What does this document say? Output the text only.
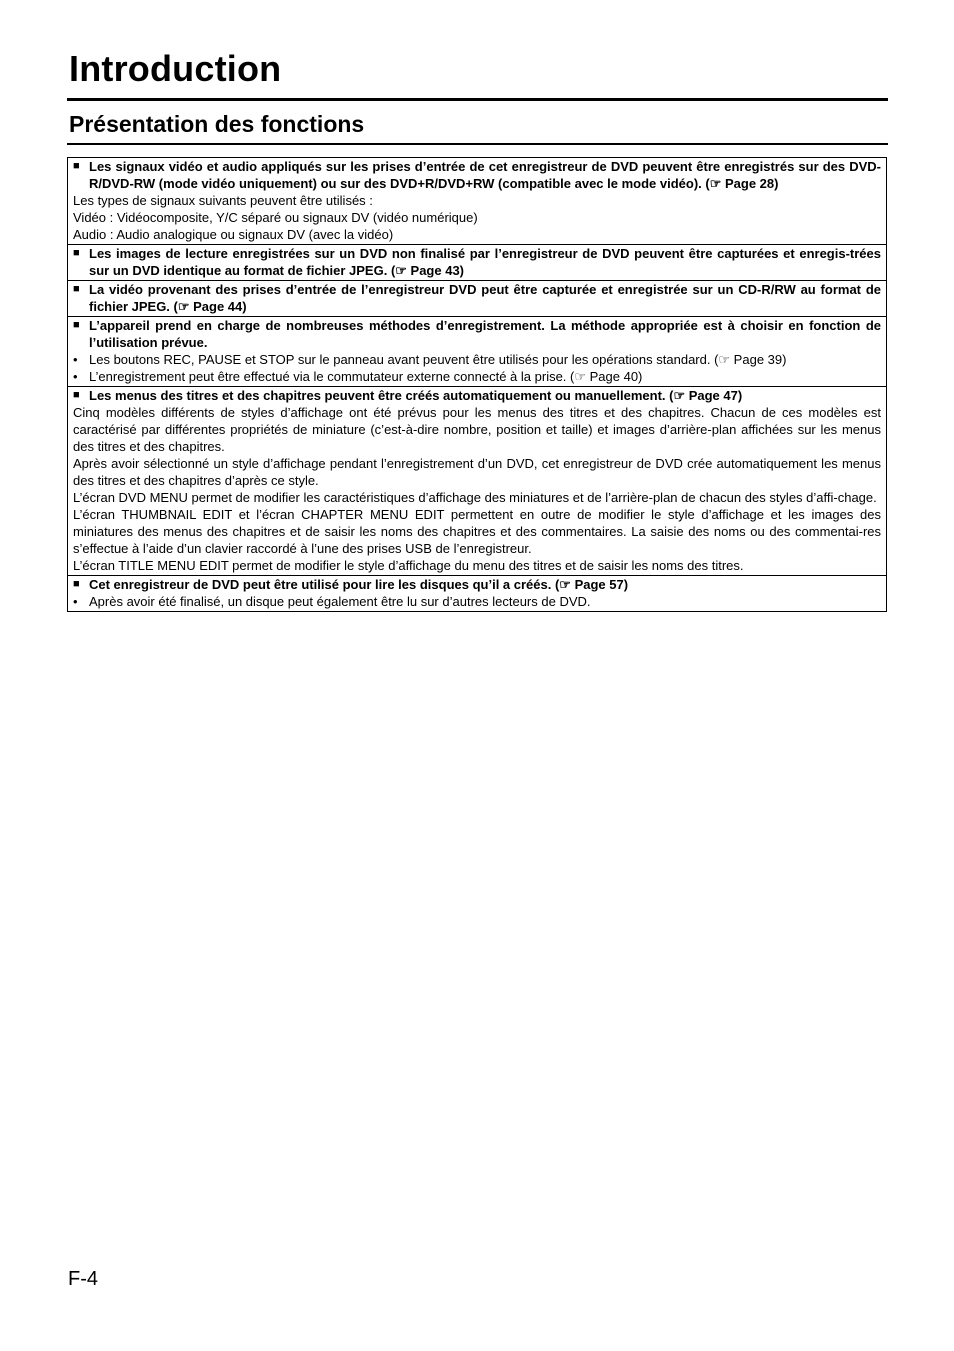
Introduction
Présentation des fonctions
■ Les signaux vidéo et audio appliqués sur les prises d’entrée de cet enregistreur de DVD peuvent être enregistrés sur des DVD-R/DVD-RW (mode vidéo uniquement) ou sur des DVD+R/DVD+RW (compatible avec le mode vidéo). (☞ Page 28)

Les types de signaux suivants peuvent être utilisés :

Vidéo : Vidéocomposite, Y/C séparé ou signaux DV (vidéo numérique)

Audio : Audio analogique ou signaux DV (avec la vidéo)

■ Les images de lecture enregistrées sur un DVD non finalisé par l’enregistreur de DVD peuvent être capturées et enregis-trées sur un DVD identique au format de fichier JPEG. (☞ Page 43)

■ La vidéo provenant des prises d’entrée de l’enregistreur DVD peut être capturée et enregistrée sur un CD-R/RW au format de fichier JPEG. (☞ Page 44)

■ L’appareil prend en charge de nombreuses méthodes d’enregistrement. La méthode appropriée est à choisir en fonction de l’utilisation prévue.
• Les boutons REC, PAUSE et STOP sur le panneau avant peuvent être utilisés pour les opérations standard. (☞ Page 39)
• L’enregistrement peut être effectué via le commutateur externe connecté à la prise. (☞ Page 40)

■ Les menus des titres et des chapitres peuvent être créés automatiquement ou manuellement. (☞ Page 47)

Cinq modèles différents de styles d’affichage ont été prévus pour les menus des titres et des chapitres. Chacun de ces modèles est caractérisé par différentes propriétés de miniature (c’est-à-dire nombre, position et taille) et images d’arrière-plan affichées sur les menus des titres et des chapitres.

Après avoir sélectionné un style d’affichage pendant l’enregistrement d’un DVD, cet enregistreur de DVD crée automatiquement les menus des titres et des chapitres d’après ce style.

L’écran DVD MENU permet de modifier les caractéristiques d’affichage des miniatures et de l’arrière-plan de chacun des styles d’affi-chage.

L’écran THUMBNAIL EDIT et l’écran CHAPTER MENU EDIT permettent en outre de modifier le style d’affichage et les images des miniatures des menus des chapitres et de saisir les noms des chapitres et des commentaires. La saisie des noms ou des commentai-res s’effectue à l’aide d’un clavier raccordé à l’une des prises USB de l’enregistreur.

L’écran TITLE MENU EDIT permet de modifier le style d’affichage du menu des titres et de saisir les noms des titres.

■ Cet enregistreur de DVD peut être utilisé pour lire les disques qu’il a créés. (☞ Page 57)
• Après avoir été finalisé, un disque peut également être lu sur d’autres lecteurs de DVD.

F-4
